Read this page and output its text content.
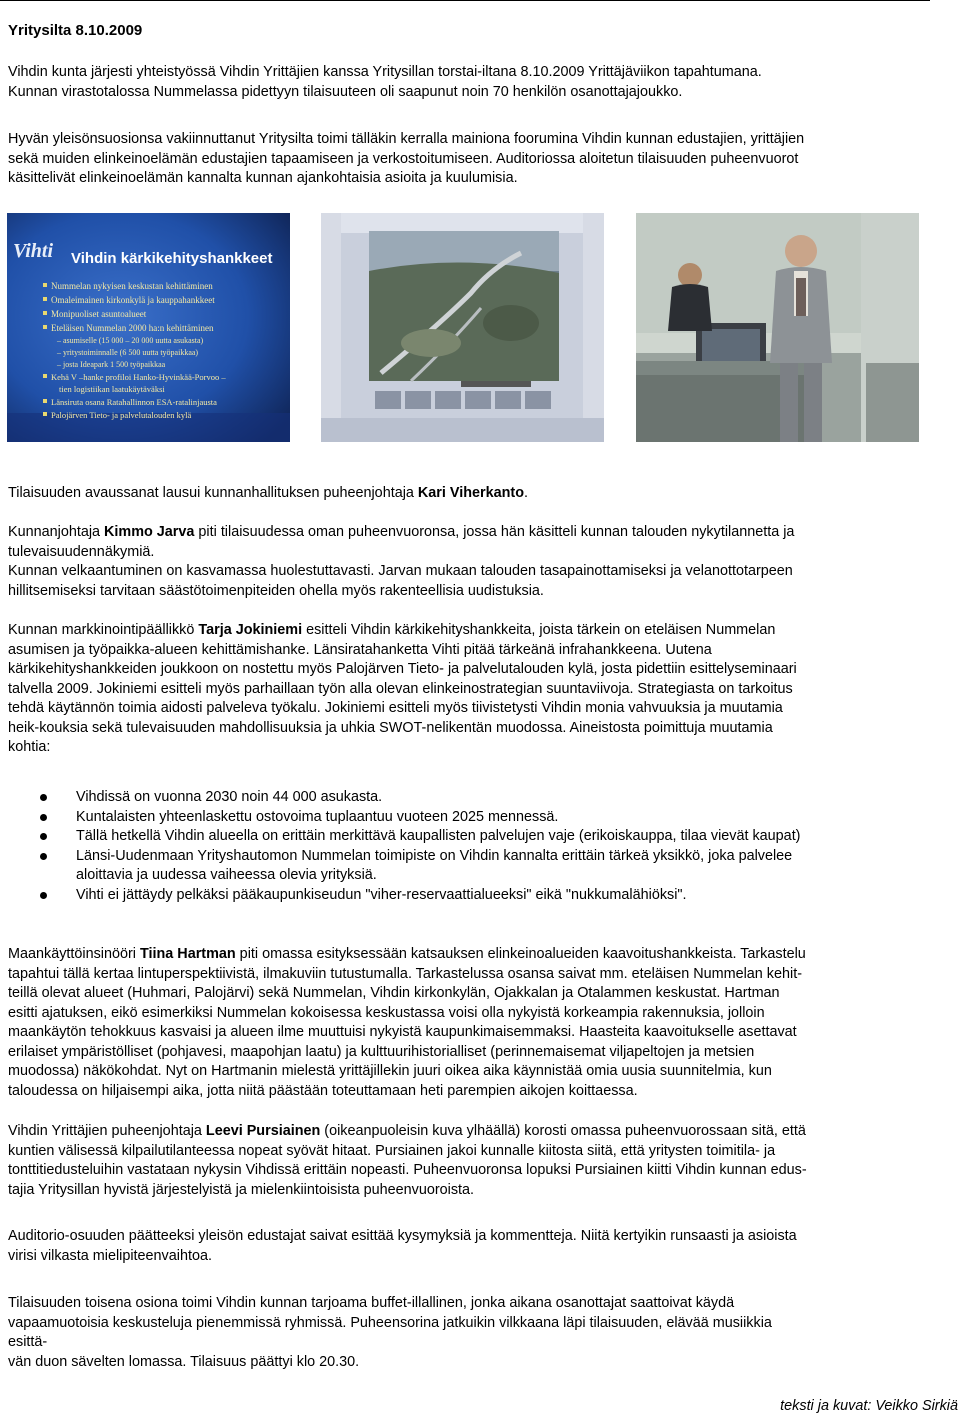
Yritysilta 8.10.2009
Vihdin kunta järjesti yhteistyössä Vihdin Yrittäjien kanssa Yritysillan torstai-iltana 8.10.2009 Yrittäjäviikon tapahtumana.
Kunnan virastotalossa Nummelassa pidettyyn tilaisuuteen oli saapunut noin 70 henkilön osanottajajoukko.
Hyvän yleisönsuosionsa vakiinnuttanut Yritysilta toimi tälläkin kerralla mainiona foorumina Vihdin kunnan edustajien, yrittäjien
sekä muiden elinkeinoelämän edustajien tapaamiseen ja verkostoitumiseen. Auditoriossa aloitetun tilaisuuden puheenvuorot
käsittelivät elinkeinoelämän kannalta kunnan ajankohtaisia asioita ja kuulumisia.
Vihti Vihdin kärkikehityshankkeet
Nummelan nykyisen keskustan kehittäminen
Omaleimainen kirkonkylä ja kauppahankkeet
Monipuoliset asuntoalueet
Eteläisen Nummelan 2000 ha:n kehittäminen
– asumiselle (15 000 – 20 000 uutta asukasta)
– yritystoiminnalle (6 500 uutta työpaikkaa)
– josta Ideapark 1 500 työpaikkaa
Kehä V –hanke profiloi Hanko-Hyvinkää-Porvoo –
tien logistiikan laatukäytäväksi
Länsiruta osana Ratahallinnon ESA-ratalinjausta
Palojärven Tieto- ja palvelutalouden kylä
Tilaisuuden avaussanat lausui kunnanhallituksen puheenjohtaja Kari Viherkanto.
Kunnanjohtaja Kimmo Jarva piti tilaisuudessa oman puheenvuoronsa, jossa hän käsitteli kunnan talouden nykytilannetta ja
tulevaisuudennäkymiä.
Kunnan velkaantuminen on kasvamassa huolestuttavasti. Jarvan mukaan talouden tasapainottamiseksi ja velanottotarpeen
hillitsemiseksi tarvitaan säästötoimenpiteiden ohella myös rakenteellisia uudistuksia.
Kunnan markkinointipäällikkö Tarja Jokiniemi esitteli Vihdin kärkikehityshankkeita, joista tärkein on eteläisen Nummelan
asumisen ja työpaikka-alueen kehittämishanke. Länsiratahanketta Vihti pitää tärkeänä infrahankkeena. Uutena
kärkikehityshankkeiden joukkoon on nostettu myös Palojärven Tieto- ja palvelutalouden kylä, josta pidettiin esittelyseminaari
talvella 2009. Jokiniemi esitteli myös parhaillaan työn alla olevan elinkeinostrategian suuntaviivoja. Strategiasta on tarkoitus
tehdä käytännön toimia aidosti palveleva työkalu. Jokiniemi esitteli myös tiivistetysti Vihdin monia vahvuuksia ja muutamia
heik-kouksia sekä tulevaisuuden mahdollisuuksia ja uhkia SWOT-nelikentän muodossa. Aineistosta poimittuja muutamia
kohtia:
Vihdissä on vuonna 2030 noin 44 000 asukasta.
Kuntalaisten yhteenlaskettu ostovoima tuplaantuu vuoteen 2025 mennessä.
Tällä hetkellä Vihdin alueella on erittäin merkittävä kaupallisten palvelujen vaje (erikoiskauppa, tilaa vievät kaupat)
Länsi-Uudenmaan Yrityshautomon Nummelan toimipiste on Vihdin kannalta erittäin tärkeä yksikkö, joka palvelee
aloittavia ja uudessa vaiheessa olevia yrityksiä.
Vihti ei jättäydy pelkäksi pääkaupunkiseudun "viher-reservaattialueeksi" eikä "nukkumalähiöksi".
Maankäyttöinsinööri Tiina Hartman piti omassa esityksessään katsauksen elinkeinoalueiden kaavoitushankkeista. Tarkastelu
tapahtui tällä kertaa lintuperspektiivistä, ilmakuviin tutustumalla. Tarkastelussa osansa saivat mm. eteläisen Nummelan kehit-
teillä olevat alueet (Huhmari, Palojärvi) sekä Nummelan, Vihdin kirkonkylän, Ojakkalan ja Otalammen keskustat. Hartman
esitti ajatuksen, eikö esimerkiksi Nummelan kokoisessa keskustassa voisi olla nykyistä korkeampia rakennuksia, jolloin
maankäytön tehokkuus kasvaisi ja alueen ilme muuttuisi nykyistä kaupunkimaisemmaksi. Haasteita kaavoitukselle asettavat
erilaiset ympäristölliset (pohjavesi, maapohjan laatu) ja kulttuurihistorialliset (perinnemaisemat viljapeltojen ja metsien
muodossa) näkökohdat. Nyt on Hartmanin mielestä yrittäjillekin juuri oikea aika käynnistää omia uusia suunnitelmia, kun
taloudessa on hiljaisempi aika, jotta niitä päästään toteuttamaan heti parempien aikojen koittaessa.
Vihdin Yrittäjien puheenjohtaja Leevi Pursiainen (oikeanpuoleisin kuva ylhäällä) korosti omassa puheenvuorossaan sitä, että
kuntien välisessä kilpailutilanteessa nopeat syövät hitaat. Pursiainen jakoi kunnalle kiitosta siitä, että yritysten toimitila- ja
tonttitiedusteluihin vastataan nykysin Vihdissä erittäin nopeasti. Puheenvuoronsa lopuksi Pursiainen kiitti Vihdin kunnan edus-
tajia Yritysillan hyvistä järjestelyistä ja mielenkiintoisista puheenvuoroista.
Auditorio-osuuden päätteeksi yleisön edustajat saivat esittää kysymyksiä ja kommentteja. Niitä kertyikin runsaasti ja asioista
virisi vilkasta mielipiteenvaihtoa.
Tilaisuuden toisena osiona toimi Vihdin kunnan tarjoama buffet-illallinen, jonka aikana osanottajat saattoivat käydä
vapaamuotoisia keskusteluja pienemmissä ryhmissä. Puheensorina jatkuikin vilkkaana läpi tilaisuuden, elävää musiikkia
esittä-
vän duon sävelten lomassa. Tilaisuus päättyi klo 20.30.
teksti ja kuvat: Veikko Sirkiä
